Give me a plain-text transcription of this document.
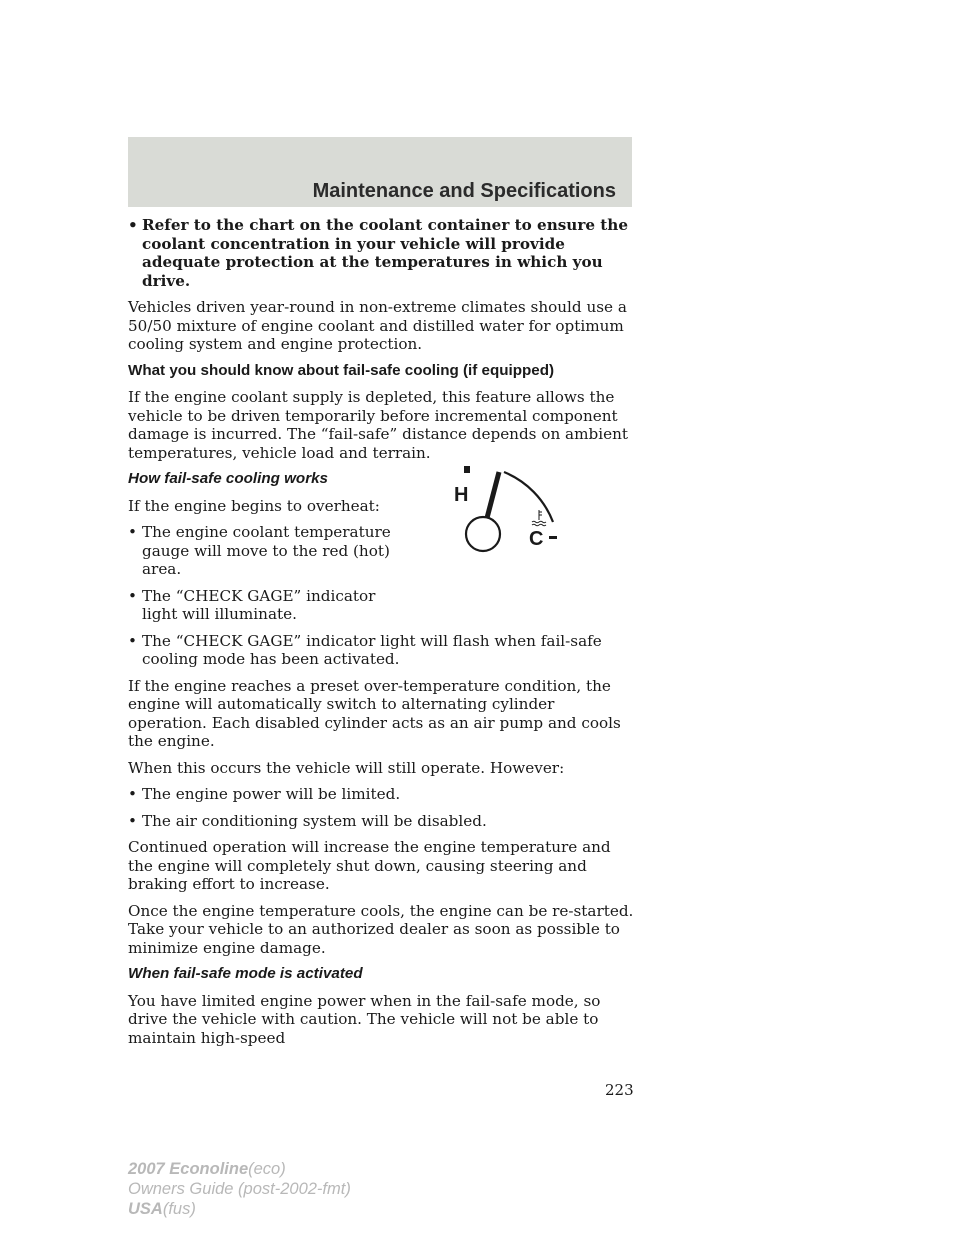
Maintenance and Specifications
• Refer to the chart on the coolant container to ensure the coolant concentration in your vehicle will provide adequate protection at the temperatures in which you drive.

Vehicles driven year-round in non-extreme climates should use a 50/50 mixture of engine coolant and distilled water for optimum cooling system and engine protection.

What you should know about fail-safe cooling (if equipped)

If the engine coolant supply is depleted, this feature allows the vehicle to be driven temporarily before incremental component damage is incurred. The “fail-safe” distance depends on ambient temperatures, vehicle load and terrain.

How fail-safe cooling works

If the engine begins to overheat:

• The engine coolant temperature gauge will move to the red (hot) area.
• The “CHECK GAGE” indicator light will illuminate.
• The “CHECK GAGE” indicator light will flash when fail-safe cooling mode has been activated.

If the engine reaches a preset over-temperature condition, the engine will automatically switch to alternating cylinder operation. Each disabled cylinder acts as an air pump and cools the engine.

When this occurs the vehicle will still operate. However:

• The engine power will be limited.
• The air conditioning system will be disabled.

Continued operation will increase the engine temperature and the engine will completely shut down, causing steering and braking effort to increase.

Once the engine temperature cools, the engine can be re-started. Take your vehicle to an authorized dealer as soon as possible to minimize engine damage.

When fail-safe mode is activated

You have limited engine power when in the fail-safe mode, so drive the vehicle with caution. The vehicle will not be able to maintain high-speed

H
C
223
2007 Econoline(eco)
Owners Guide (post-2002-fmt)
USA(fus)
